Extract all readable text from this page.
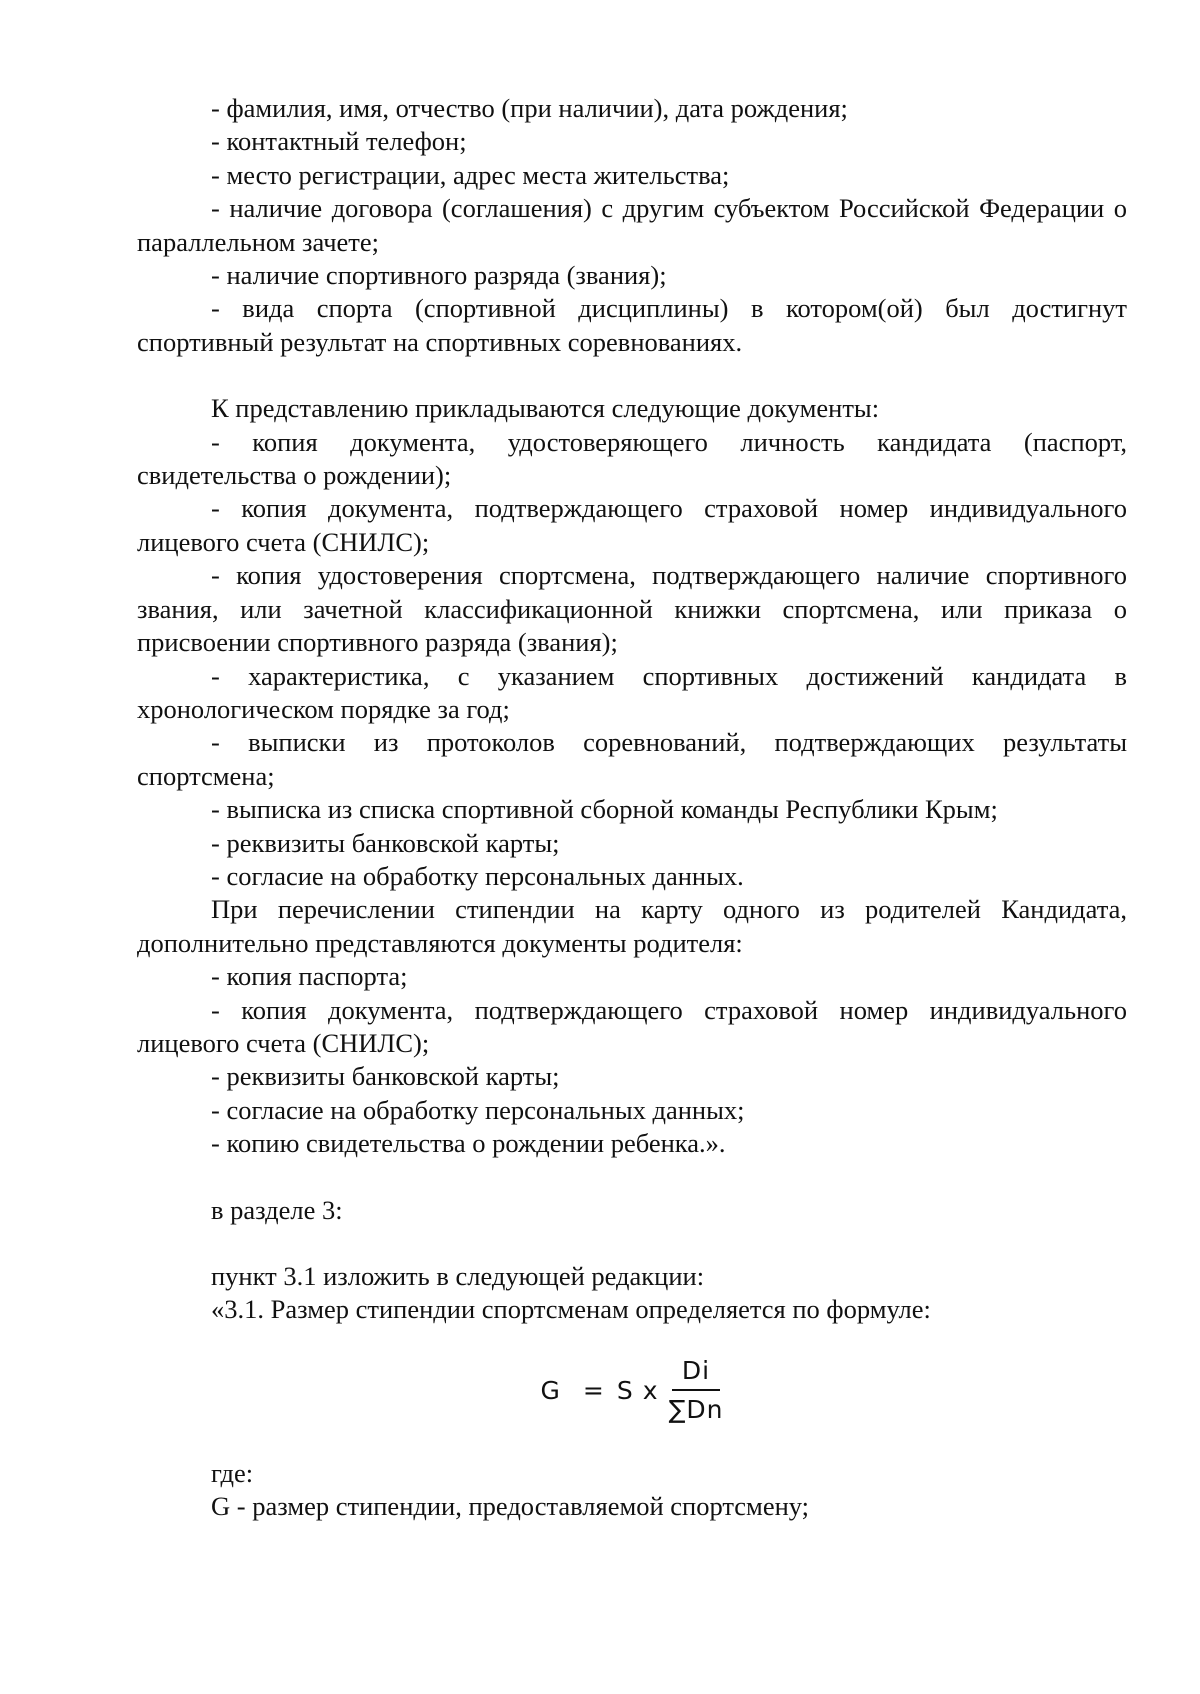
- фамилия, имя, отчество (при наличии), дата рождения;

- контактный телефон;

- место регистрации, адрес места жительства;

- наличие договора (соглашения) с другим субъектом Российской Федерации о параллельном зачете;

- наличие спортивного разряда (звания);

- вида спорта (спортивной дисциплины) в котором(ой) был достигнут спортивный результат на спортивных соревнованиях.

К представлению прикладываются следующие документы:

- копия документа, удостоверяющего личность кандидата (паспорт, свидетельства о рождении);

- копия документа, подтверждающего страховой номер индивидуального лицевого счета (СНИЛС);

- копия удостоверения спортсмена, подтверждающего наличие спортивного звания, или зачетной классификационной книжки спортсмена, или приказа о присвоении спортивного разряда (звания);

- характеристика, с указанием спортивных достижений кандидата в хронологическом порядке за год;

- выписки из протоколов соревнований, подтверждающих результаты спортсмена;

- выписка из списка спортивной сборной команды Республики Крым;

- реквизиты банковской карты;

- согласие на обработку персональных данных.

При перечислении стипендии на карту одного из родителей Кандидата, дополнительно представляются документы родителя:

- копия паспорта;

- копия документа, подтверждающего страховой номер индивидуального лицевого счета (СНИЛС);

- реквизиты банковской карты;

- согласие на обработку персональных данных;

- копию свидетельства о рождении ребенка.».

в разделе 3:

пункт 3.1 изложить в следующей редакции:

«3.1. Размер стипендии спортсменам определяется по формуле:

G = S x $\frac{Di}{\sum Dn}$

где:

G - размер стипендии, предоставляемой спортсмену;
